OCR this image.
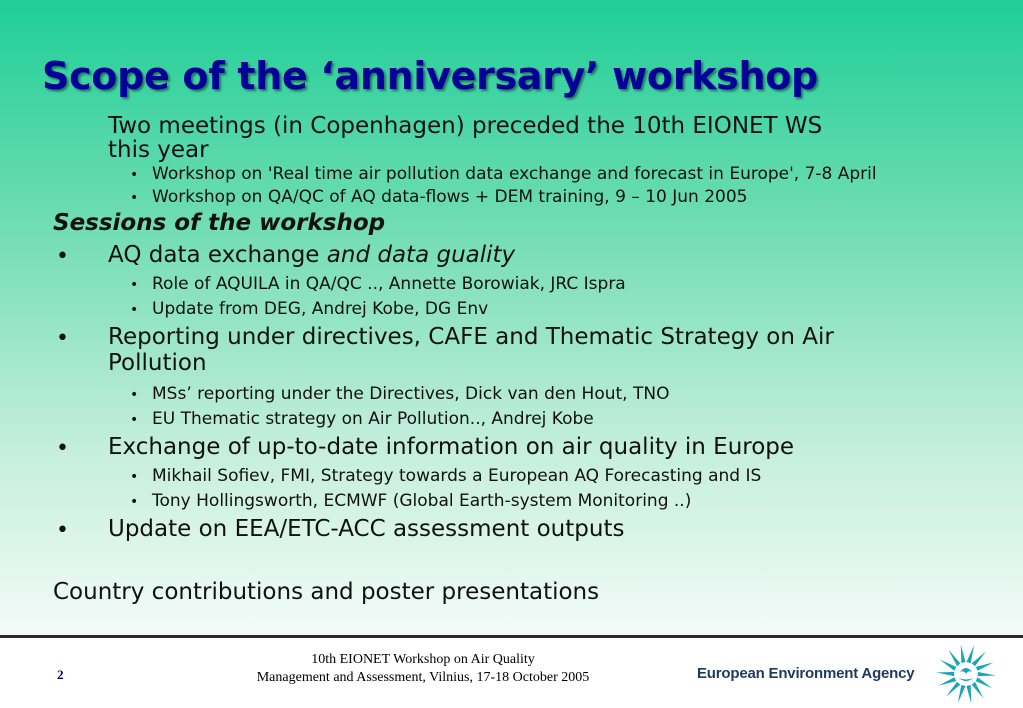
Scope of the ‘anniversary’ workshop
Two meetings (in Copenhagen) preceded the 10th EIONET WS
this year
• Workshop on 'Real time air pollution data exchange and forecast in Europe', 7-8 April
• Workshop on QA/QC of AQ data-flows + DEM training, 9 – 10 Jun 2005
Sessions of the workshop
• AQ data exchange and data guality
• Role of AQUILA in QA/QC .., Annette Borowiak, JRC Ispra
• Update from DEG, Andrej Kobe, DG Env
• Reporting under directives, CAFE and Thematic Strategy on Air
Pollution
• MSs’ reporting under the Directives, Dick van den Hout, TNO
• EU Thematic strategy on Air Pollution.., Andrej Kobe
• Exchange of up-to-date information on air quality in Europe
• Mikhail Sofiev, FMI, Strategy towards a European AQ Forecasting and IS
• Tony Hollingsworth, ECMWF (Global Earth-system Monitoring ..)
• Update on EEA/ETC-ACC assessment outputs
Country contributions and poster presentations
2
10th EIONET Workshop on Air Quality
Management and Assessment, Vilnius, 17-18 October 2005	European Environment Agency
